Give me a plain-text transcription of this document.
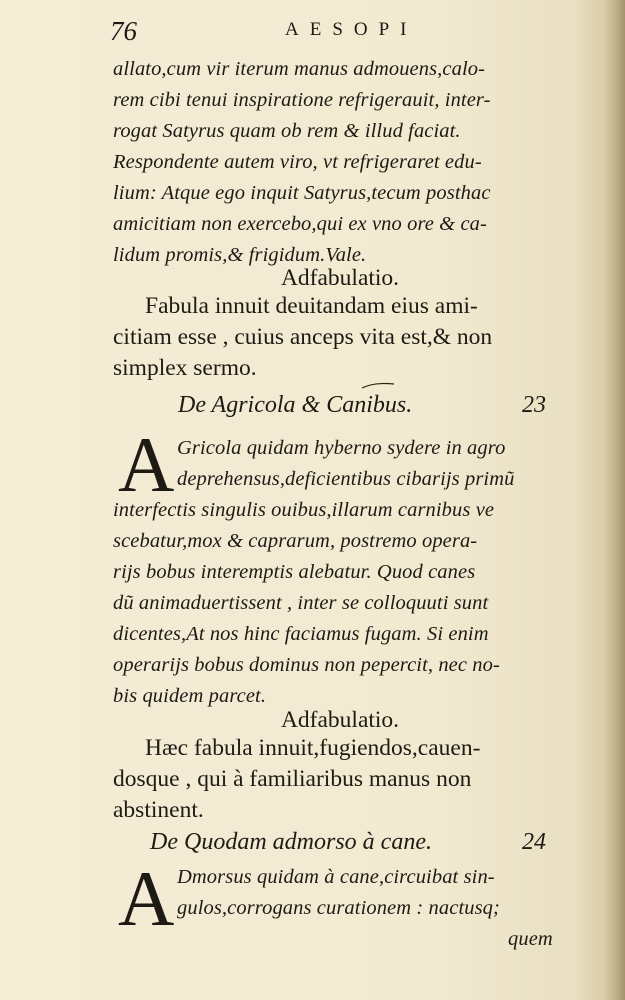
76	AESOPI
allato,cum vir iterum manus admouens,calo-
rem cibi tenui inspiratione refrigerauit, inter-
rogat Satyrus quam ob rem & illud faciat.
Respondente autem viro, vt refrigeraret edu-
lium: Atque ego inquit Satyrus,tecum posthac
amicitiam non exercebo,qui ex vno ore & ca-
lidum promis,& frigidum.Vale.
Adfabulatio.
Fabula innuit deuitandam eius ami-
citiam esse , cuius anceps vita est,& non
simplex sermo.
De Agricola & Canibus.	23
A Gricola quidam hyberno sydere in agro
deprehensus,deficientibus cibarijs primũ
interfectis singulis ouibus,illarum carnibus ve
scebatur,mox & caprarum, postremo opera-
rijs bobus interemptis alebatur. Quod canes
dũ animaduertissent , inter se colloquuti sunt
dicentes,At nos hinc faciamus fugam. Si enim
operarijs bobus dominus non pepercit, nec no-
bis quidem parcet.
Adfabulatio.
Hæc fabula innuit,fugiendos,cauen-
dosque , qui à familiaribus manus non
abstinent.
De Quodam admorso à cane.	24
A Dmorsus quidam à cane,circuibat sin-
gulos,corrogans curationem : nactusq;
quem
